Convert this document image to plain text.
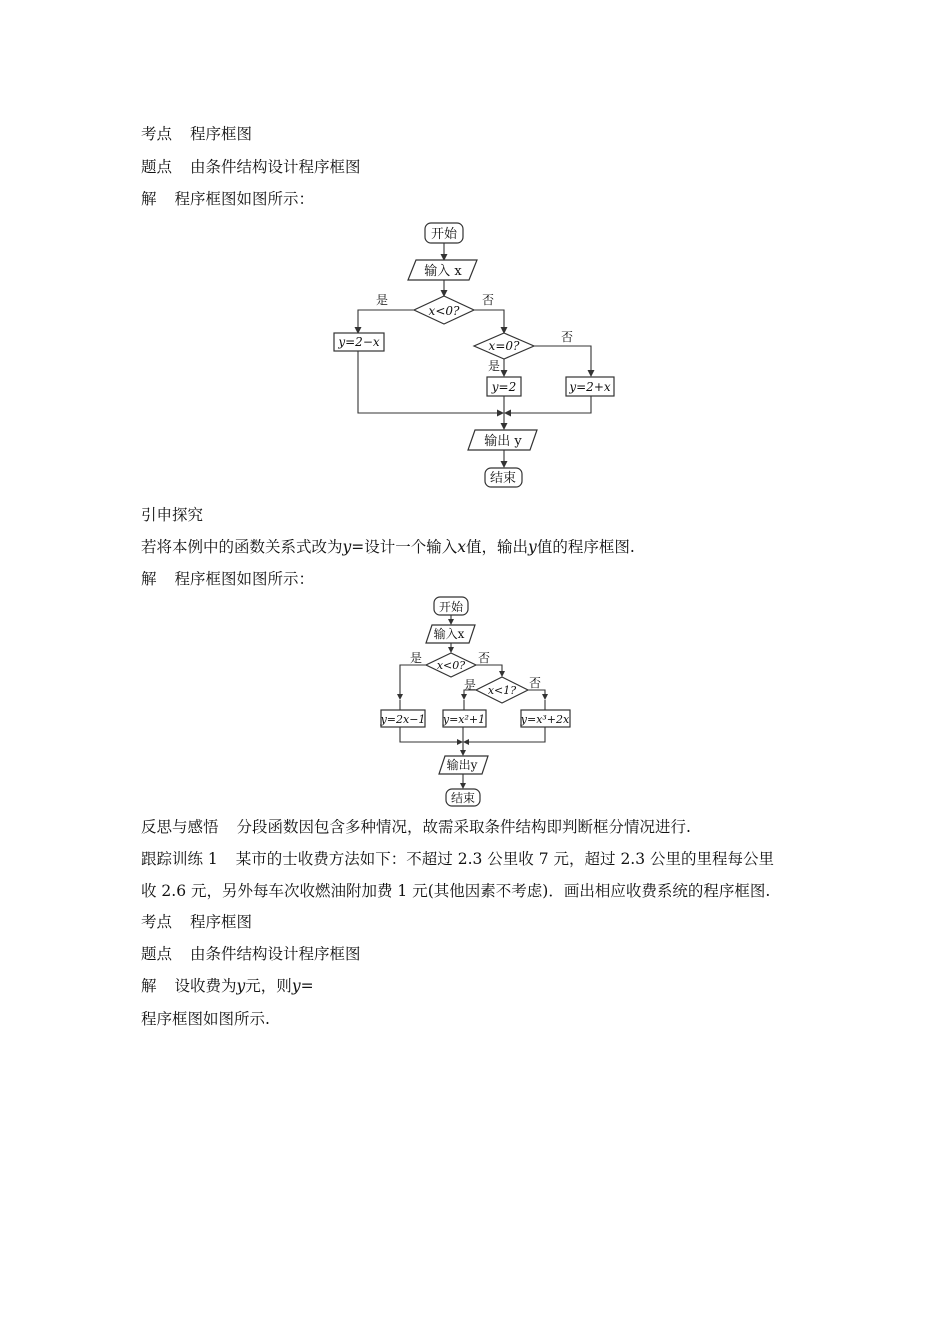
考点 程序框图
题点 由条件结构设计程序框图
解 程序框图如图所示：
开始
输入 x
x<0?
是	否
y=2−x	x=0?
否
是
y=2	y=2+x
输出 y
结束
引申探究
若将本例中的函数关系式改为y=设计一个输入x值，输出y值的程序框图.
解 程序框图如图所示：
开始
输入x
x<0?
是	否
x<1?
是	否
y=2x−1 y=x²+1	y=x³+2x
输出y
结束
反思与感悟 分段函数因包含多种情况，故需采取条件结构即判断框分情况进行.
跟踪训练 1 某市的士收费方法如下：不超过 2.3 公里收 7 元，超过 2.3 公里的里程每公里
收 2.6 元，另外每车次收燃油附加费 1 元(其他因素不考虑)．画出相应收费系统的程序框图.
考点 程序框图
题点 由条件结构设计程序框图
解 设收费为y元，则y=
程序框图如图所示.
